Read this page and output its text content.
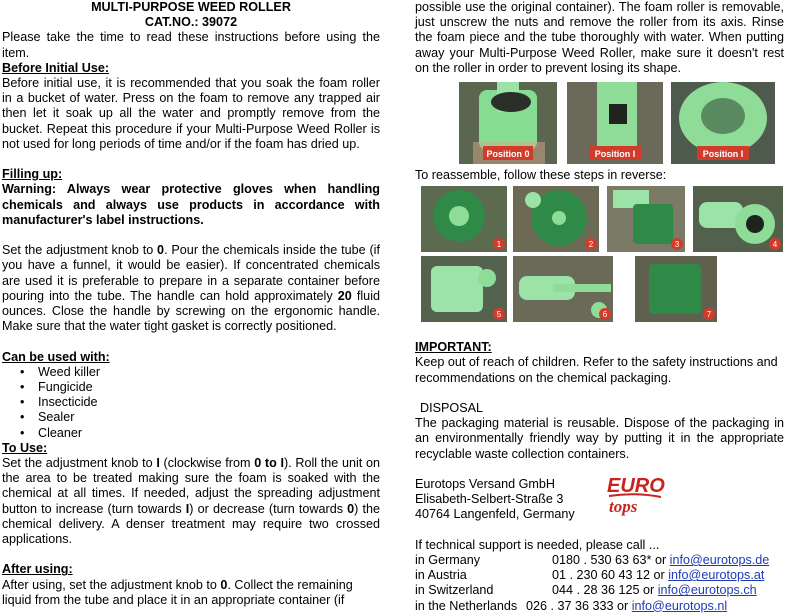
MULTI-PURPOSE WEED ROLLER

CAT.NO.: 39072

Please take the time to read these instructions before using the item.

Before Initial Use:

Before initial use, it is recommended that you soak the foam roller in a bucket of water. Press on the foam to remove any trapped air then let it soak up all the water and promptly remove from the bucket. Repeat this procedure if your Multi-Purpose Weed Roller is not used for long periods of time and/or if the foam has dried up.

Filling up:

Warning: Always wear protective gloves when handling chemicals and always use products in accordance with manufacturer's label instructions.

Set the adjustment knob to 0. Pour the chemicals inside the tube (if you have a funnel, it would be easier). If concentrated chemicals are used it is preferable to prepare in a separate container before pouring into the tube. The handle can hold approximately 20 fluid ounces. Close the handle by screwing on the ergonomic handle. Make sure that the water tight gasket is correctly positioned.

Can be used with:

• Weed killer
• Fungicide
• Insecticide
• Sealer
• Cleaner

To Use:

Set the adjustment knob to I (clockwise from 0 to I). Roll the unit on the area to be treated making sure the foam is soaked with the chemical at all times. If needed, adjust the spreading adjustment button to increase (turn towards I) or decrease (turn towards 0) the chemical delivery. A denser treatment may require two crossed applications.

After using:

After using, set the adjustment knob to 0. Collect the remaining liquid from the tube and place it in an appropriate container (if

possible use the original container). The foam roller is removable, just unscrew the nuts and remove the roller from its axis. Rinse the foam piece and the tube thoroughly with water. When putting away your Multi-Purpose Weed Roller, make sure it doesn't rest on the roller in order to prevent losing its shape.

Position 0	Position I	Position I

To reassemble, follow these steps in reverse:

1	2	3	4
5	6	7

IMPORTANT:

Keep out of reach of children. Refer to the safety instructions and recommendations on the chemical packaging.

DISPOSAL

The packaging material is reusable. Dispose of the packaging in an environmentally friendly way by putting it in the appropriate recyclable waste collection containers.

Eurotops Versand GmbH

Elisabeth-Selbert-Straße 3

40764 Langenfeld, Germany

If technical support is needed, please call ...

in Germany	0180 . 530 63 63* or info@eurotops.de
in Austria	01 . 230 60 43 12 or info@eurotops.at
in Switzerland	044 . 28 36 125 or info@eurotops.ch
in the Netherlands 026 . 37 36 333 or info@eurotops.nl
EURO
tops
